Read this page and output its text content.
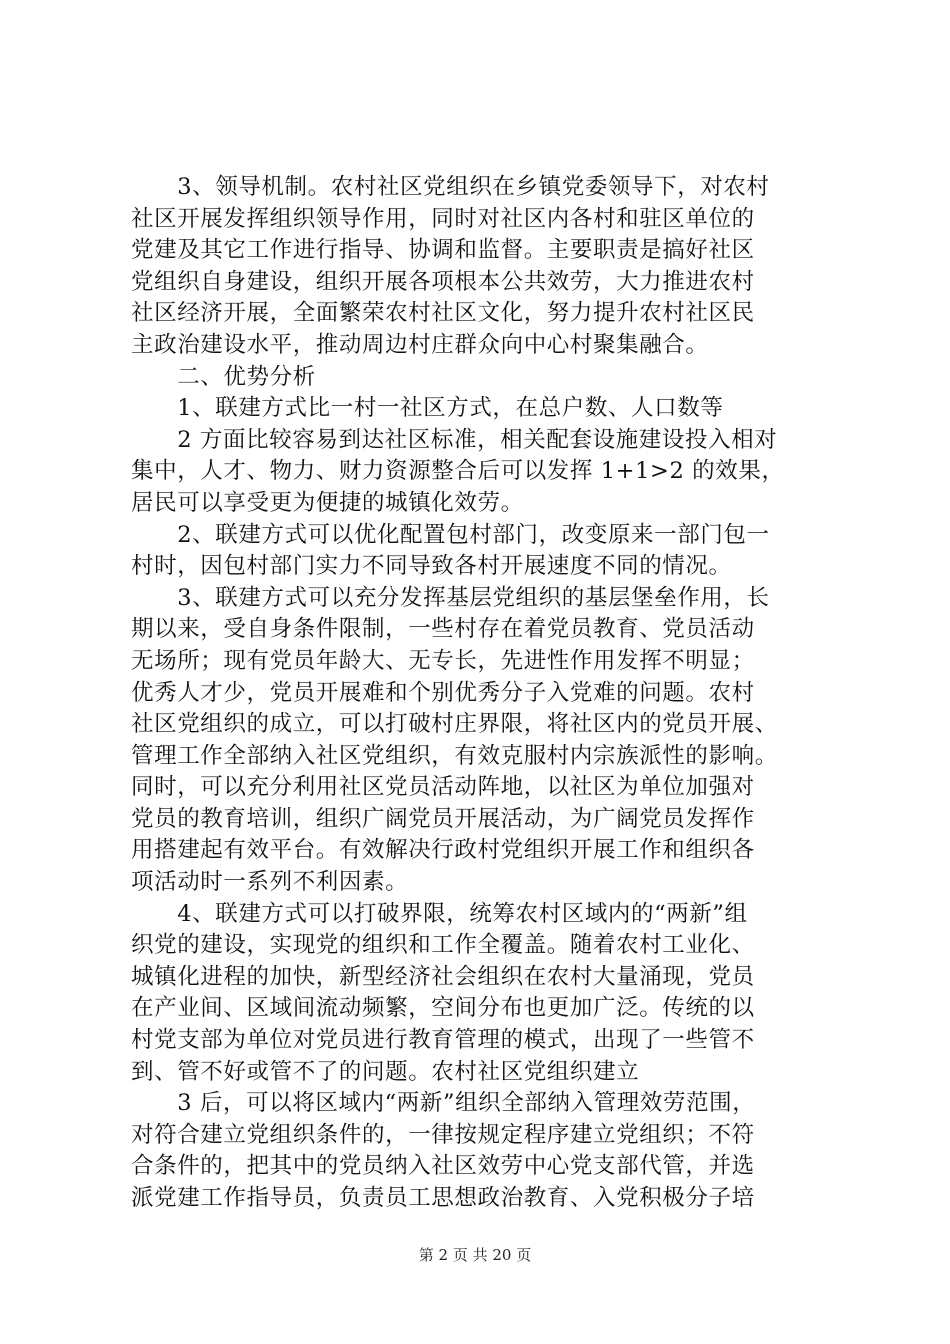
　　3、领导机制。农村社区党组织在乡镇党委领导下，对农村
社区开展发挥组织领导作用，同时对社区内各村和驻区单位的
党建及其它工作进行指导、协调和监督。主要职责是搞好社区
党组织自身建设，组织开展各项根本公共效劳，大力推进农村
社区经济开展，全面繁荣农村社区文化，努力提升农村社区民
主政治建设水平，推动周边村庄群众向中心村聚集融合。
　　二、优势分析
　　1、联建方式比一村一社区方式，在总户数、人口数等
　　2 方面比较容易到达社区标准，相关配套设施建设投入相对
集中，人才、物力、财力资源整合后可以发挥 1+1>2 的效果，
居民可以享受更为便捷的城镇化效劳。
　　2、联建方式可以优化配置包村部门，改变原来一部门包一
村时，因包村部门实力不同导致各村开展速度不同的情况。
　　3、联建方式可以充分发挥基层党组织的基层堡垒作用，长
期以来，受自身条件限制，一些村存在着党员教育、党员活动
无场所；现有党员年龄大、无专长，先进性作用发挥不明显；
优秀人才少，党员开展难和个别优秀分子入党难的问题。农村
社区党组织的成立，可以打破村庄界限，将社区内的党员开展、
管理工作全部纳入社区党组织，有效克服村内宗族派性的影响。
同时，可以充分利用社区党员活动阵地，以社区为单位加强对
党员的教育培训，组织广阔党员开展活动，为广阔党员发挥作
用搭建起有效平台。有效解决行政村党组织开展工作和组织各
项活动时一系列不利因素。
　　4、联建方式可以打破界限，统筹农村区域内的“两新”组
织党的建设，实现党的组织和工作全覆盖。随着农村工业化、
城镇化进程的加快，新型经济社会组织在农村大量涌现，党员
在产业间、区域间流动频繁，空间分布也更加广泛。传统的以
村党支部为单位对党员进行教育管理的模式，出现了一些管不
到、管不好或管不了的问题。农村社区党组织建立
　　3 后，可以将区域内“两新”组织全部纳入管理效劳范围，
对符合建立党组织条件的，一律按规定程序建立党组织；不符
合条件的，把其中的党员纳入社区效劳中心党支部代管，并选
派党建工作指导员，负责员工思想政治教育、入党积极分子培
第 2 页 共 20 页
